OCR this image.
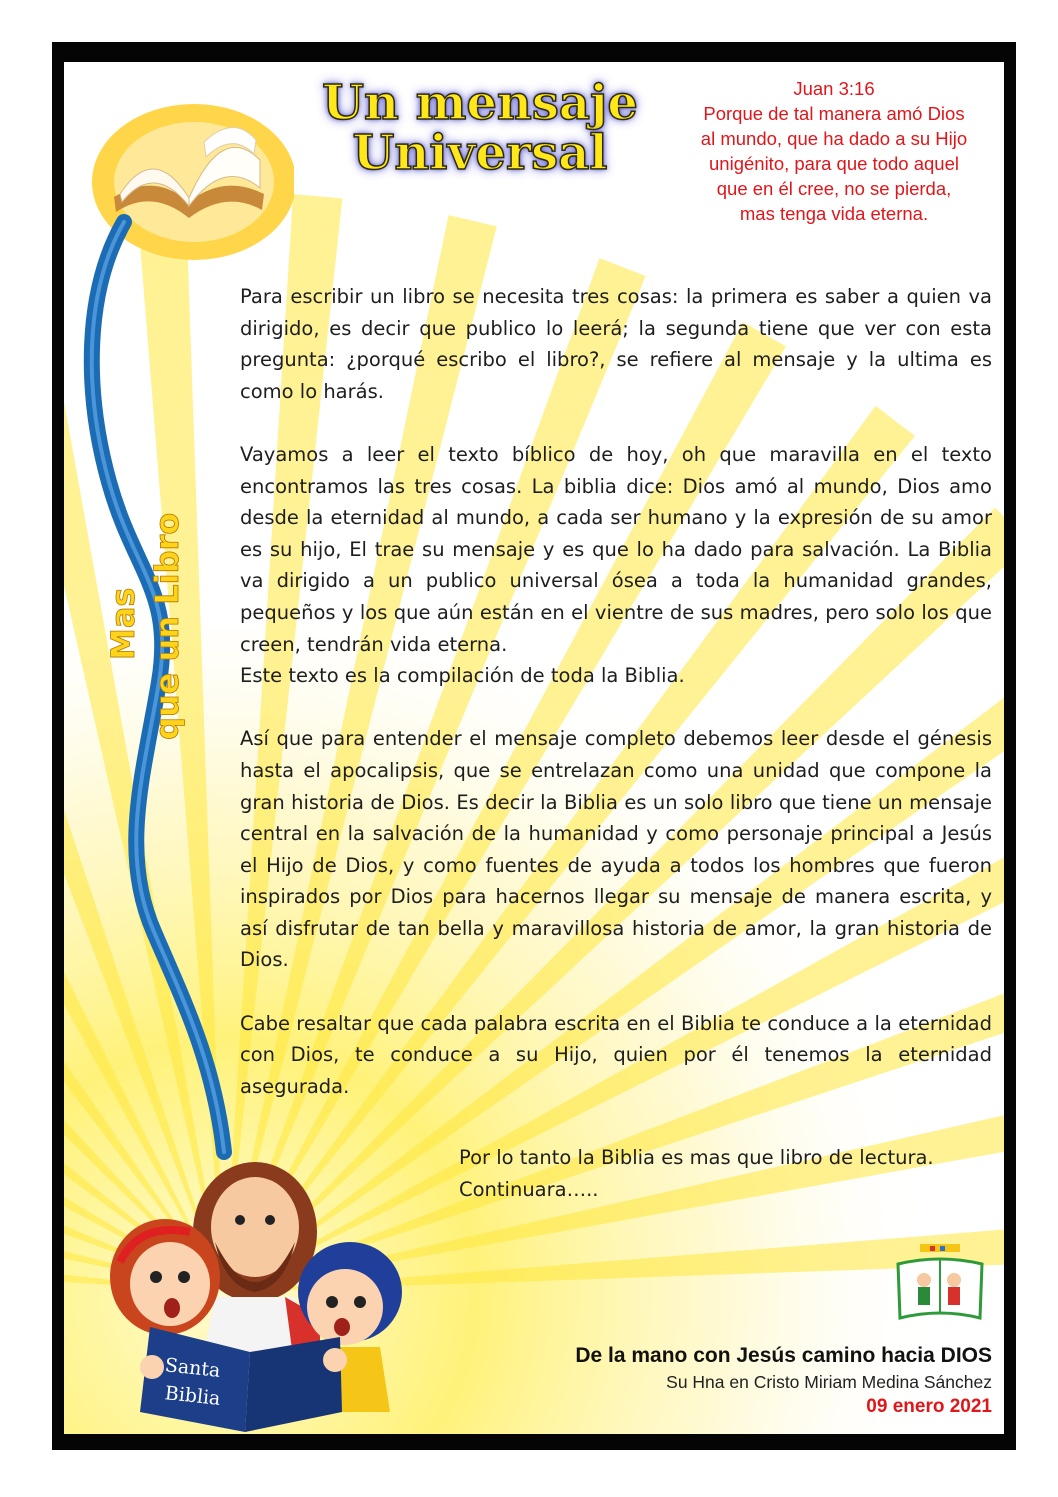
Mas que un Libro
Un mensaje
Universal
Juan 3:16
Porque de tal manera amó Dios
al mundo, que ha dado a su Hijo
unigénito, para que todo aquel
que en él cree, no se pierda,
mas tenga vida eterna.

Para escribir un libro se necesita tres cosas: la primera es saber a quien va dirigido, es decir que publico lo leerá; la segunda tiene que ver con esta pregunta: ¿porqué escribo el libro?, se refiere al mensaje y la ultima es como lo harás.

Vayamos a leer el texto bíblico de hoy, oh que maravilla en el texto encontramos las tres cosas. La biblia dice: Dios amó al mundo, Dios amo desde la eternidad al mundo, a cada ser humano y la expresión de su amor es su hijo, El trae su mensaje y es que lo ha dado para salvación. La Biblia va dirigido a un publico universal ósea a toda la humanidad grandes, pequeños y los que aún están en el vientre de sus madres, pero solo los que creen, tendrán vida eterna.

Este texto es la compilación de toda la Biblia.

Así que para entender el mensaje completo debemos leer desde el génesis hasta el apocalipsis, que se entrelazan como una unidad que compone la gran historia de Dios. Es decir la Biblia es un solo libro que tiene un mensaje central en la salvación de la humanidad y como personaje principal a Jesús el Hijo de Dios, y como fuentes de ayuda a todos los hombres que fueron inspirados por Dios para hacernos llegar su mensaje de manera escrita, y así disfrutar de tan bella y maravillosa historia de amor, la gran historia de Dios.

Cabe resaltar que cada palabra escrita en el Biblia te conduce a la eternidad con Dios, te conduce a su Hijo, quien por él tenemos la eternidad asegurada.

Por lo tanto la Biblia es mas que libro de lectura.
Continuara…..
Santa
Biblia
De la mano con Jesús camino hacia DIOS
Su Hna en Cristo Miriam Medina Sánchez
09 enero 2021
